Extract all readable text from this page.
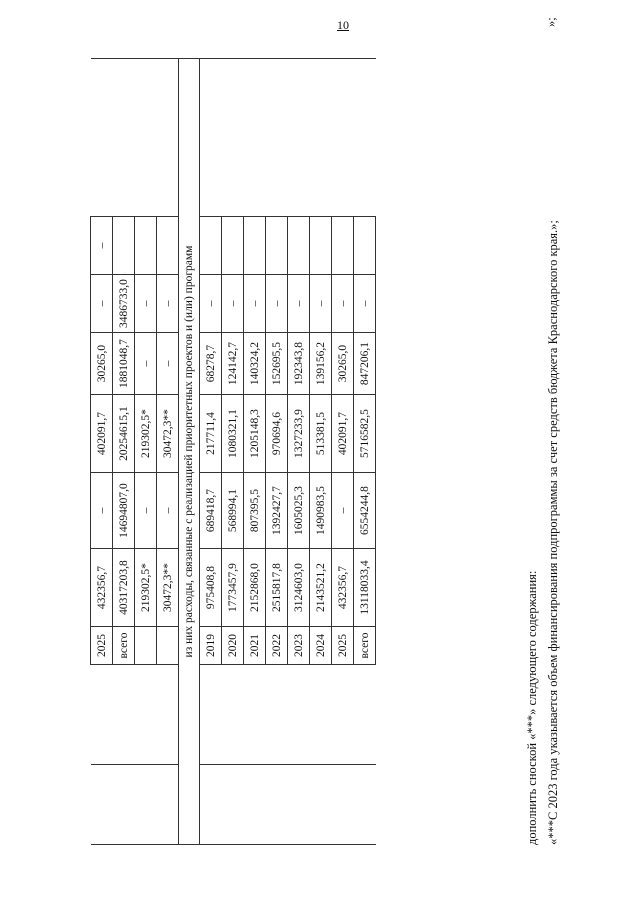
10
		2025	432356,7	–	402091,7	30265,0	–	–	
		всего	40317203,8	14694807,0	20254615,1	1881048,7	3486733,0		
			219302,5*	–	219302,5*	–	–		
			30472,3**	–	30472,3**	–	–		
из них расходы, связанные с реализацией приоритетных проектов и (или) программ									
		2019	975408,8	689418,7	217711,4	68278,7	–		
		2020	1773457,9	568994,1	1080321,1	124142,7	–		
		2021	2152868,0	807395,5	1205148,3	140324,2	–		
		2022	2515817,8	1392427,7	970694,6	152695,5	–		
		2023	3124603,0	1605025,3	1327233,9	192343,8	–		
		2024	2143521,2	1490983,5	513381,5	139156,2	–		
		2025	432356,7	–	402091,7	30265,0	–		
		всего	13118033,4	6554244,8	5716582,5	847206,1	–		
дополнить сноской «***» следующего содержания: «***С 2023 года указывается объем финансирования подпрограммы за счет средств бюджета Краснодарского края.»;
»;
